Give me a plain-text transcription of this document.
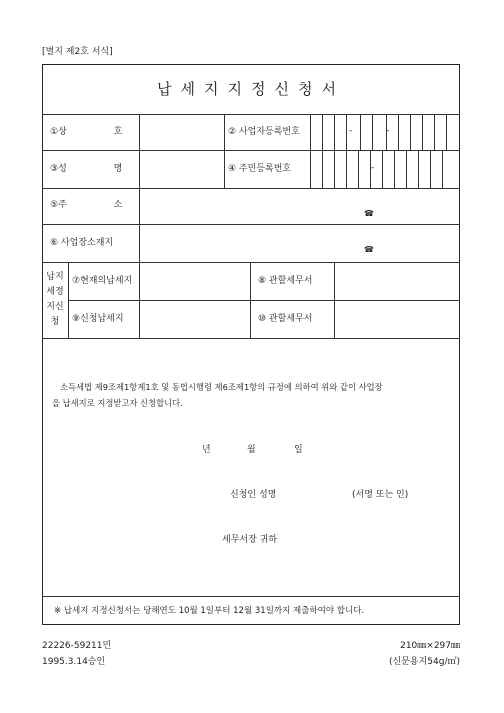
[별지 제2호 서식]
납세지지정신청서
① 상 호	② 사업자등록번호	-	-
③ 성 명	④ 주민등록번호	-
⑤ 주 소
☎
⑥ 사업장소재지
☎
납지
세정
지신
청
⑦현재의납세지	⑧ 관할세무서
⑨신청납세지	⑩ 관할세무서
소득세법 제9조제1항제1호 및 동법시행령 제6조제1항의 규정에 의하여 위와 같이 사업장
을 납세지로 지정받고자 신청합니다.
년	월	일
신청인 성명	(서명 또는 인)
세무서장 귀하
※ 납세지 지정신청서는 당해연도 10월 1일부터 12월 31일까지 제출하여야 합니다.
22226-59211민
1995.3.14승인
210㎜×297㎜
(신문용지54g/㎡)
